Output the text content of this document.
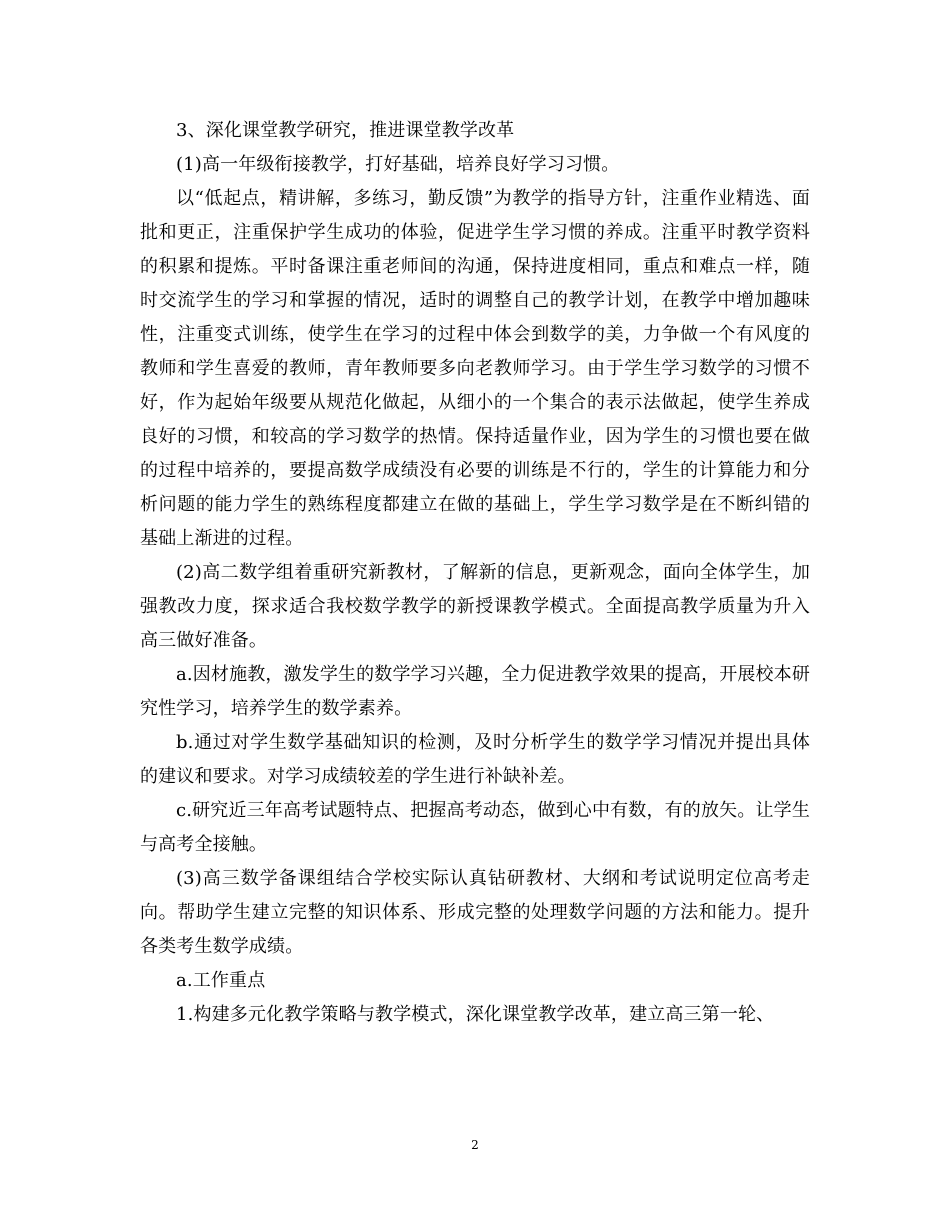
3、深化课堂教学研究，推进课堂教学改革

(1)高一年级衔接教学，打好基础，培养良好学习习惯。

以“低起点，精讲解，多练习，勤反馈”为教学的指导方针，注重作业精选、面批和更正，注重保护学生成功的体验，促进学生学习惯的养成。注重平时教学资料的积累和提炼。平时备课注重老师间的沟通，保持进度相同，重点和难点一样，随时交流学生的学习和掌握的情况，适时的调整自己的教学计划，在教学中增加趣味性，注重变式训练，使学生在学习的过程中体会到数学的美，力争做一个有风度的教师和学生喜爱的教师，青年教师要多向老教师学习。由于学生学习数学的习惯不好，作为起始年级要从规范化做起，从细小的一个集合的表示法做起，使学生养成良好的习惯，和较高的学习数学的热情。保持适量作业，因为学生的习惯也要在做的过程中培养的，要提高数学成绩没有必要的训练是不行的，学生的计算能力和分析问题的能力学生的熟练程度都建立在做的基础上，学生学习数学是在不断纠错的基础上渐进的过程。

(2)高二数学组着重研究新教材，了解新的信息，更新观念，面向全体学生，加强教改力度，探求适合我校数学教学的新授课教学模式。全面提高教学质量为升入高三做好准备。

a.因材施教，激发学生的数学学习兴趣，全力促进教学效果的提高，开展校本研究性学习，培养学生的数学素养。

b.通过对学生数学基础知识的检测，及时分析学生的数学学习情况并提出具体的建议和要求。对学习成绩较差的学生进行补缺补差。

c.研究近三年高考试题特点、把握高考动态，做到心中有数，有的放矢。让学生与高考全接触。

(3)高三数学备课组结合学校实际认真钻研教材、大纲和考试说明定位高考走向。帮助学生建立完整的知识体系、形成完整的处理数学问题的方法和能力。提升各类考生数学成绩。

a.工作重点

1.构建多元化教学策略与教学模式，深化课堂教学改革，建立高三第一轮、

2
